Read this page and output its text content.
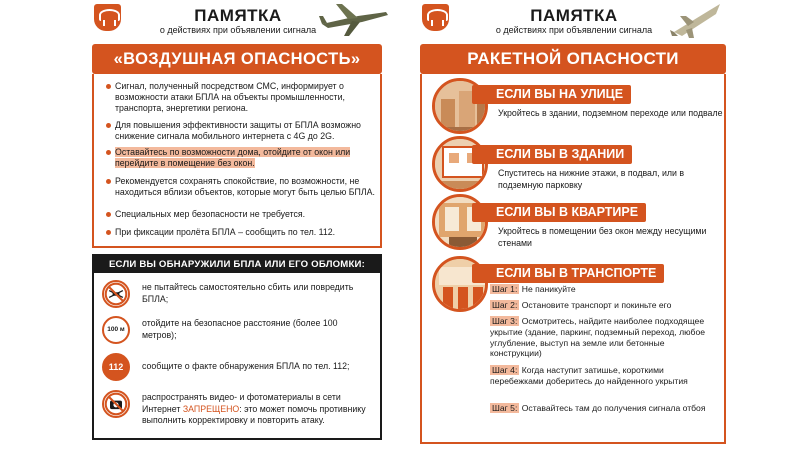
ПАМЯТКА
о действиях при объявлении сигнала
«ВОЗДУШНАЯ ОПАСНОСТЬ»
Сигнал, полученный посредством СМС, информирует о возможности атаки БПЛА на объекты промышленности, транспорта, энергетики региона.
Для повышения эффективности защиты от БПЛА возможно снижение сигнала мобильного интернета с 4G до 2G.
Оставайтесь по возможности дома, отойдите от окон или перейдите в помещение без окон.
Рекомендуется сохранять спокойствие, по возможности, не находиться вблизи объектов, которые могут быть целью БПЛА.
Специальных мер безопасности не требуется.
При фиксации пролёта БПЛА – сообщить по тел. 112.
ЕСЛИ ВЫ ОБНАРУЖИЛИ БПЛА ИЛИ ЕГО ОБЛОМКИ:
не пытайтесь самостоятельно сбить или повредить БПЛА;
100 м
отойдите на безопасное расстояние (более 100 метров);
112	сообщите о факте обнаружения БПЛА по тел. 112;
распространять видео- и фотоматериалы в сети Интернет ЗАПРЕЩЕНО: это может помочь противнику выполнить корректировку и повторить атаку.
ПАМЯТКА
о действиях при объявлении сигнала
РАКЕТНОЙ ОПАСНОСТИ
ЕСЛИ ВЫ НА УЛИЦЕ
Укройтесь в здании, подземном переходе или подвале
ЕСЛИ ВЫ В ЗДАНИИ
Спуститесь на нижние этажи, в подвал, или в подземную парковку
ЕСЛИ ВЫ В КВАРТИРЕ
Укройтесь в помещении без окон между несущими стенами
ЕСЛИ ВЫ В ТРАНСПОРТЕ
Шаг 1: Не паникуйте
Шаг 2: Остановите транспорт и покиньте его
Шаг 3: Осмотритесь, найдите наиболее подходящее укрытие (здание, паркинг, подземный переход, любое углубление, выступ на земле или бетонные конструкции)
Шаг 4: Когда наступит затишье, короткими перебежками доберитесь до найденного укрытия
Шаг 5: Оставайтесь там до получения сигнала отбоя
